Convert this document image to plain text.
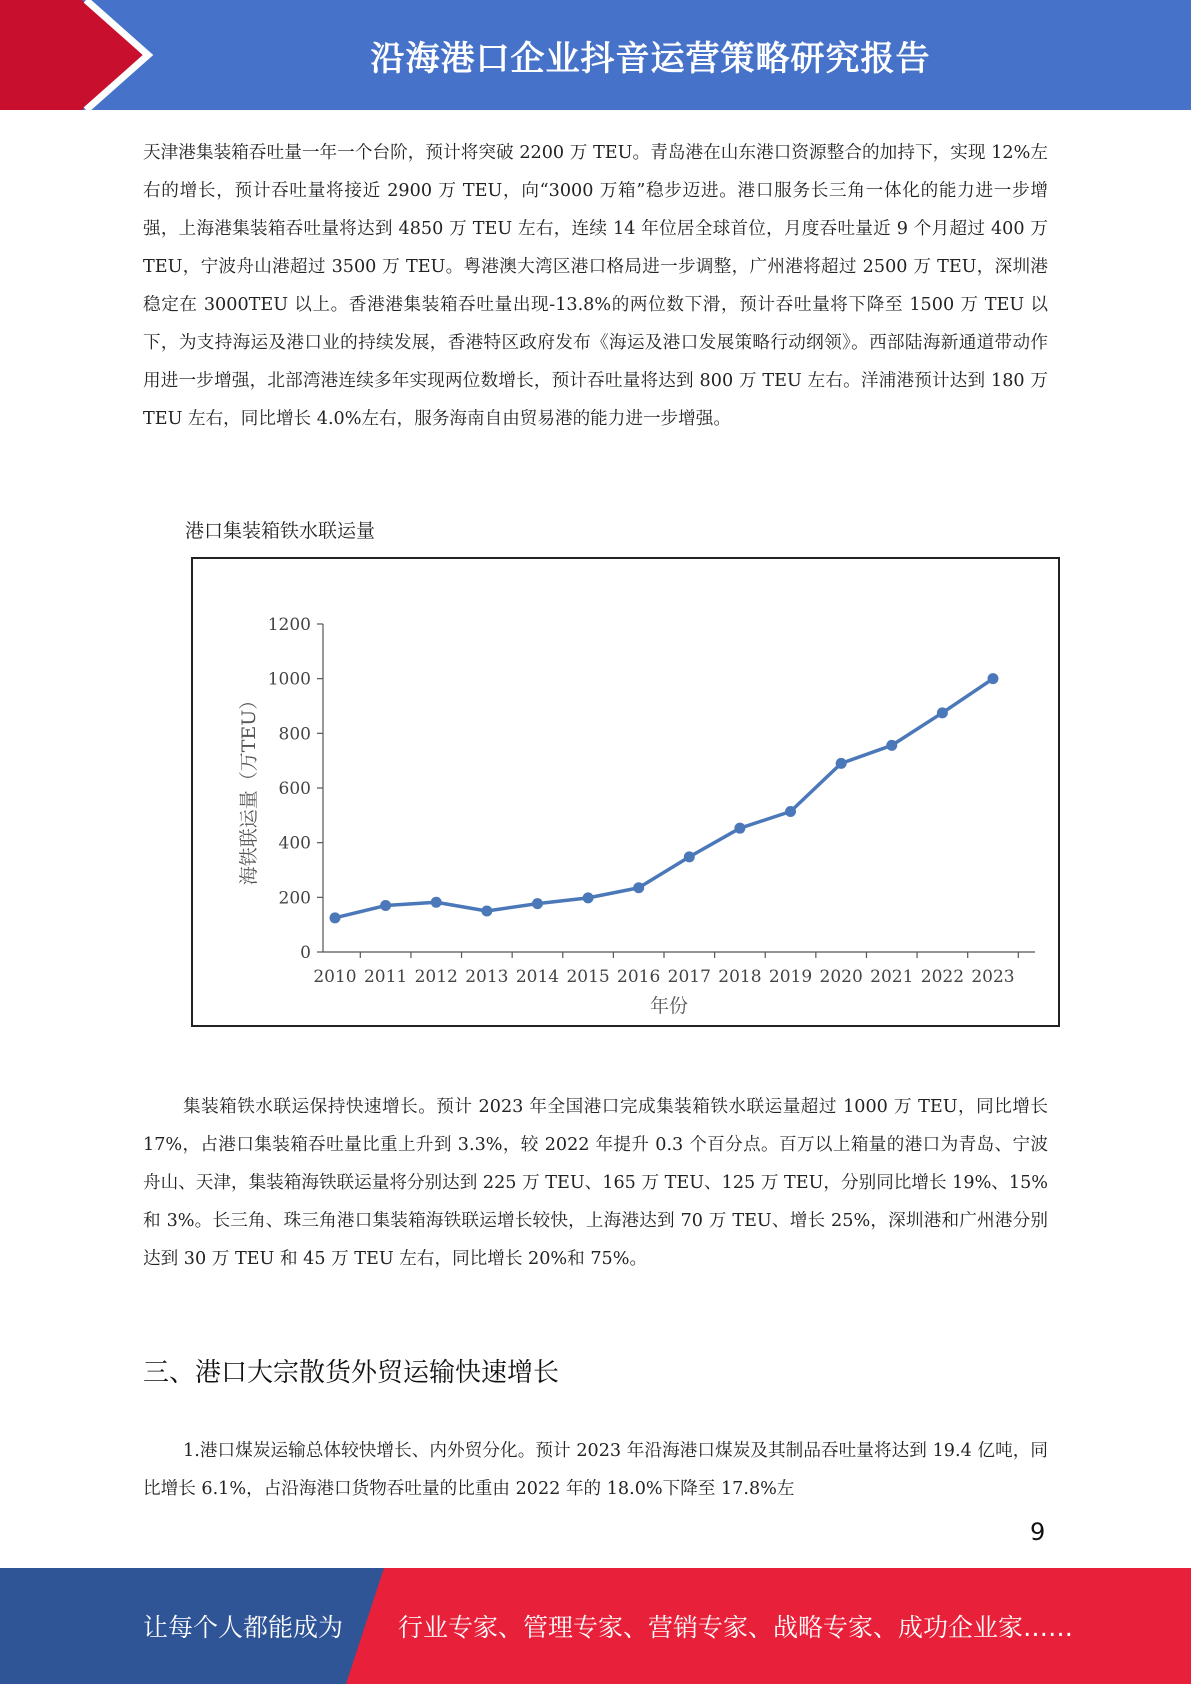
沿海港口企业抖音运营策略研究报告
天津港集装箱吞吐量一年一个台阶，预计将突破 2200 万 TEU。青岛港在山东港口资源整合的加持下，实现 12%左右的增长，预计吞吐量将接近 2900 万 TEU，向“3000 万箱”稳步迈进。港口服务长三角一体化的能力进一步增强，上海港集装箱吞吐量将达到 4850 万 TEU 左右，连续 14 年位居全球首位，月度吞吐量近 9 个月超过 400 万 TEU，宁波舟山港超过 3500 万 TEU。粤港澳大湾区港口格局进一步调整，广州港将超过 2500 万 TEU，深圳港稳定在 3000TEU 以上。香港港集装箱吞吐量出现-13.8%的两位数下滑，预计吞吐量将下降至 1500 万 TEU 以下，为支持海运及港口业的持续发展，香港特区政府发布《海运及港口发展策略行动纲领》。西部陆海新通道带动作用进一步增强，北部湾港连续多年实现两位数增长，预计吞吐量将达到 800 万 TEU 左右。洋浦港预计达到 180 万 TEU 左右，同比增长 4.0%左右，服务海南自由贸易港的能力进一步增强。
港口集装箱铁水联运量
0
200
400
600
800
1000
1200
2010 2011 2012 2013 2014 2015 2016 2017 2018 2019 2020 2021 2022 2023
海铁联运量（万TEU）
年份
集装箱铁水联运保持快速增长。预计 2023 年全国港口完成集装箱铁水联运量超过 1000 万 TEU，同比增长 17%，占港口集装箱吞吐量比重上升到 3.3%，较 2022 年提升 0.3 个百分点。百万以上箱量的港口为青岛、宁波舟山、天津，集装箱海铁联运量将分别达到 225 万 TEU、165 万 TEU、125 万 TEU，分别同比增长 19%、15%和 3%。长三角、珠三角港口集装箱海铁联运增长较快，上海港达到 70 万 TEU、增长 25%，深圳港和广州港分别达到 30 万 TEU 和 45 万 TEU 左右，同比增长 20%和 75%。
三、港口大宗散货外贸运输快速增长
1.港口煤炭运输总体较快增长、内外贸分化。预计 2023 年沿海港口煤炭及其制品吞吐量将达到 19.4 亿吨，同比增长 6.1%，占沿海港口货物吞吐量的比重由 2022 年的 18.0%下降至 17.8%左
9
让每个人都能成为 行业专家、管理专家、营销专家、战略专家、成功企业家……
